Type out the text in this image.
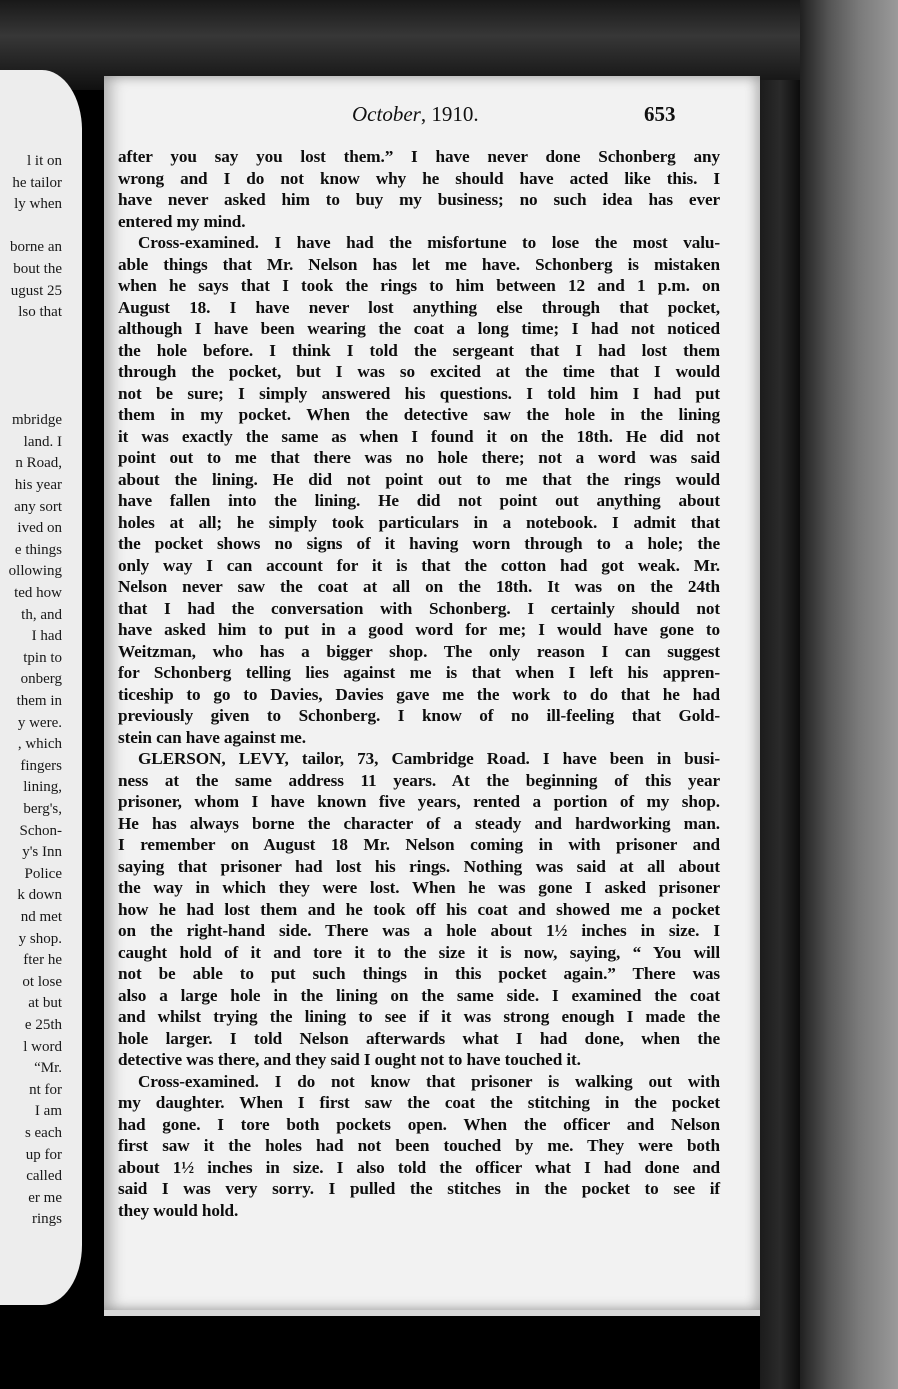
l it on
he tailor
ly when
borne an
bout the
ugust 25
lso that
mbridge
land. I
n Road,
his year
any sort
ived on
e things
ollowing
ted how
th, and
I had
tpin to
onberg
them in
y were.
, which
fingers
lining,
berg's,
Schon-
y's Inn
Police
k down
nd met
y shop.
fter he
ot lose
at but
e 25th
l word
“Mr.
nt for
I am
s each
up for
called
er me
rings
October, 1910.	653
after you say you lost them.” I have never done Schonberg any
wrong and I do not know why he should have acted like this. I
have never asked him to buy my business; no such idea has ever
entered my mind.
Cross-examined. I have had the misfortune to lose the most valu-
able things that Mr. Nelson has let me have. Schonberg is mistaken
when he says that I took the rings to him between 12 and 1 p.m. on
August 18. I have never lost anything else through that pocket,
although I have been wearing the coat a long time; I had not noticed
the hole before. I think I told the sergeant that I had lost them
through the pocket, but I was so excited at the time that I would
not be sure; I simply answered his questions. I told him I had put
them in my pocket. When the detective saw the hole in the lining
it was exactly the same as when I found it on the 18th. He did not
point out to me that there was no hole there; not a word was said
about the lining. He did not point out to me that the rings would
have fallen into the lining. He did not point out anything about
holes at all; he simply took particulars in a notebook. I admit that
the pocket shows no signs of it having worn through to a hole; the
only way I can account for it is that the cotton had got weak. Mr.
Nelson never saw the coat at all on the 18th. It was on the 24th
that I had the conversation with Schonberg. I certainly should not
have asked him to put in a good word for me; I would have gone to
Weitzman, who has a bigger shop. The only reason I can suggest
for Schonberg telling lies against me is that when I left his appren-
ticeship to go to Davies, Davies gave me the work to do that he had
previously given to Schonberg. I know of no ill-feeling that Gold-
stein can have against me.
GLERSON, LEVY, tailor, 73, Cambridge Road. I have been in busi-
ness at the same address 11 years. At the beginning of this year
prisoner, whom I have known five years, rented a portion of my shop.
He has always borne the character of a steady and hardworking man.
I remember on August 18 Mr. Nelson coming in with prisoner and
saying that prisoner had lost his rings. Nothing was said at all about
the way in which they were lost. When he was gone I asked prisoner
how he had lost them and he took off his coat and showed me a pocket
on the right-hand side. There was a hole about 1½ inches in size. I
caught hold of it and tore it to the size it is now, saying, “ You will
not be able to put such things in this pocket again.” There was
also a large hole in the lining on the same side. I examined the coat
and whilst trying the lining to see if it was strong enough I made the
hole larger. I told Nelson afterwards what I had done, when the
detective was there, and they said I ought not to have touched it.
Cross-examined. I do not know that prisoner is walking out with
my daughter. When I first saw the coat the stitching in the pocket
had gone. I tore both pockets open. When the officer and Nelson
first saw it the holes had not been touched by me. They were both
about 1½ inches in size. I also told the officer what I had done and
said I was very sorry. I pulled the stitches in the pocket to see if
they would hold.
